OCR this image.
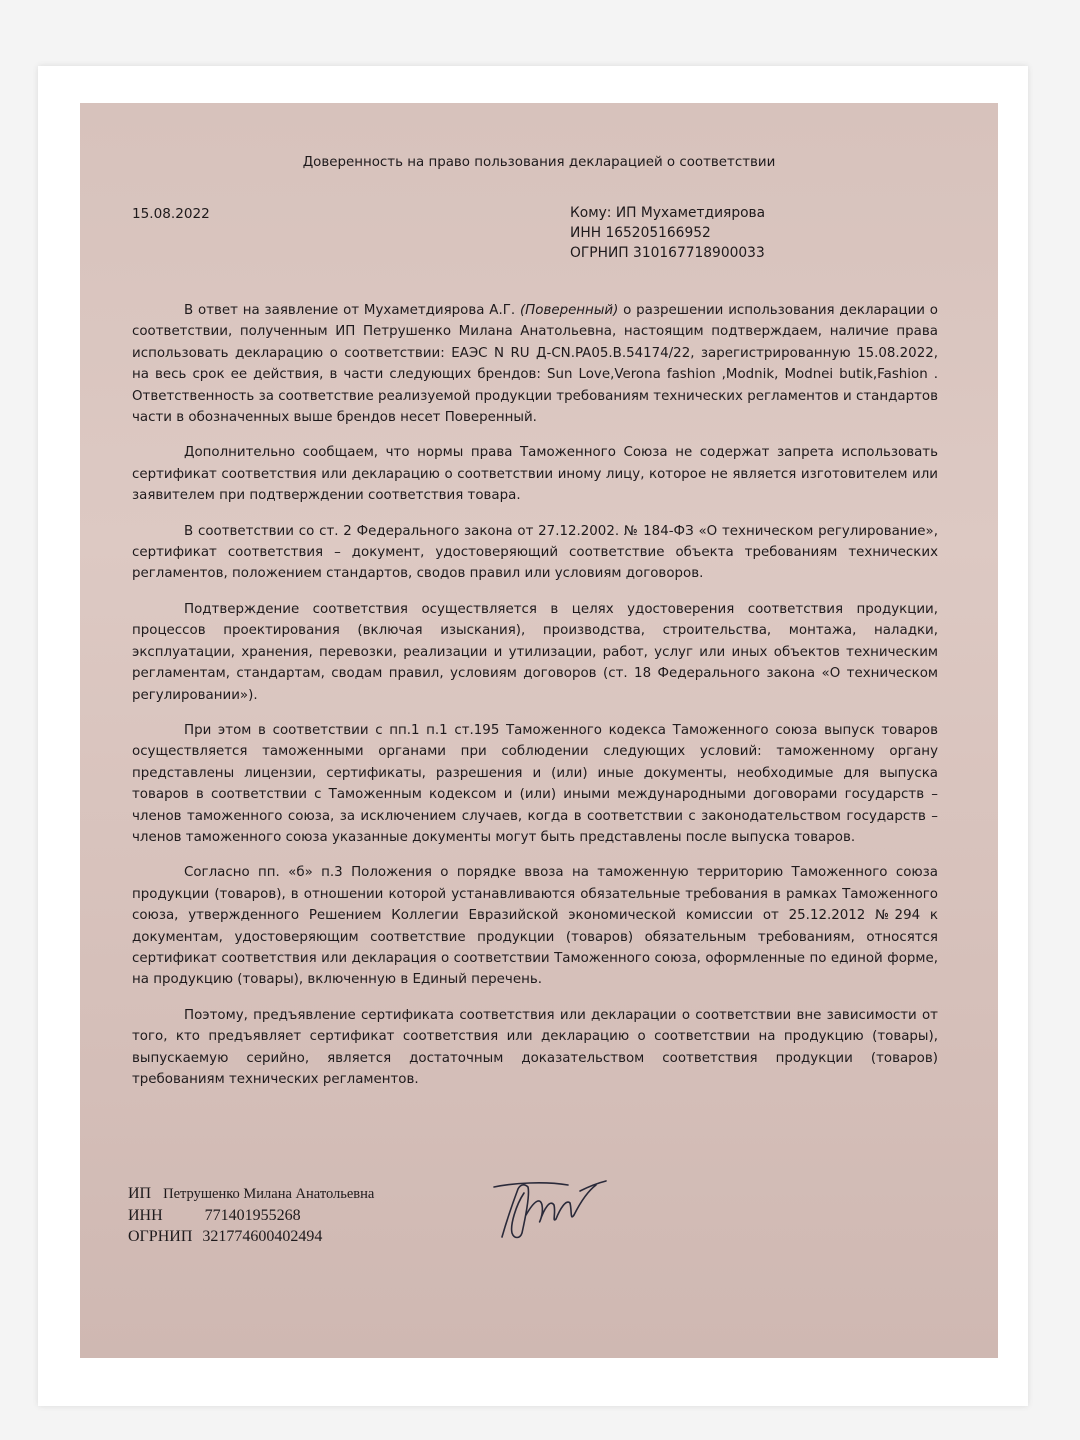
Доверенность на право пользования декларацией о соответствии
15.08.2022	Кому: ИП Мухаметдиярова
ИНН 165205166952
ОГРНИП 310167718900033

В ответ на заявление от Мухаметдиярова А.Г. (Поверенный) о разрешении использования декларации о соответствии, полученным ИП Петрушенко Милана Анатольевна, настоящим подтверждаем, наличие права использовать декларацию о соответствии: ЕАЭС N RU Д-CN.PA05.B.54174/22, зарегистрированную 15.08.2022, на весь срок ее действия, в части следующих брендов: Sun Love,Verona fashion ,Modnik, Modnei butik,Fashion . Ответственность за соответствие реализуемой продукции требованиям технических регламентов и стандартов части в обозначенных выше брендов несет Поверенный.

Дополнительно сообщаем, что нормы права Таможенного Союза не содержат запрета использовать сертификат соответствия или декларацию о соответствии иному лицу, которое не является изготовителем или заявителем при подтверждении соответствия товара.

В соответствии со ст. 2 Федерального закона от 27.12.2002. № 184-ФЗ «О техническом регулирование», сертификат соответствия – документ, удостоверяющий соответствие объекта требованиям технических регламентов, положением стандартов, сводов правил или условиям договоров.

Подтверждение соответствия осуществляется в целях удостоверения соответствия продукции, процессов проектирования (включая изыскания), производства, строительства, монтажа, наладки, эксплуатации, хранения, перевозки, реализации и утилизации, работ, услуг или иных объектов техническим регламентам, стандартам, сводам правил, условиям договоров (ст. 18 Федерального закона «О техническом регулировании»).

При этом в соответствии с пп.1 п.1 ст.195 Таможенного кодекса Таможенного союза выпуск товаров осуществляется таможенными органами при соблюдении следующих условий: таможенному органу представлены лицензии, сертификаты, разрешения и (или) иные документы, необходимые для выпуска товаров в соответствии с Таможенным кодексом и (или) иными международными договорами государств – членов таможенного союза, за исключением случаев, когда в соответствии с законодательством государств – членов таможенного союза указанные документы могут быть представлены после выпуска товаров.

Согласно пп. «б» п.3 Положения о порядке ввоза на таможенную территорию Таможенного союза продукции (товаров), в отношении которой устанавливаются обязательные требования в рамках Таможенного союза, утвержденного Решением Коллегии Евразийской экономической комиссии от 25.12.2012 №294 к документам, удостоверяющим соответствие продукции (товаров) обязательным требованиям, относятся сертификат соответствия или декларация о соответствии Таможенного союза, оформленные по единой форме, на продукцию (товары), включенную в Единый перечень.

Поэтому, предъявление сертификата соответствия или декларации о соответствии вне зависимости от того, кто предъявляет сертификат соответствия или декларацию о соответствии на продукцию (товары), выпускаемую серийно, является достаточным доказательством соответствия продукции (товаров) требованиям технических регламентов.

ИП Петрушенко Милана Анатольевна
ИНН	771401955268
ОГРНИП 321774600402494
